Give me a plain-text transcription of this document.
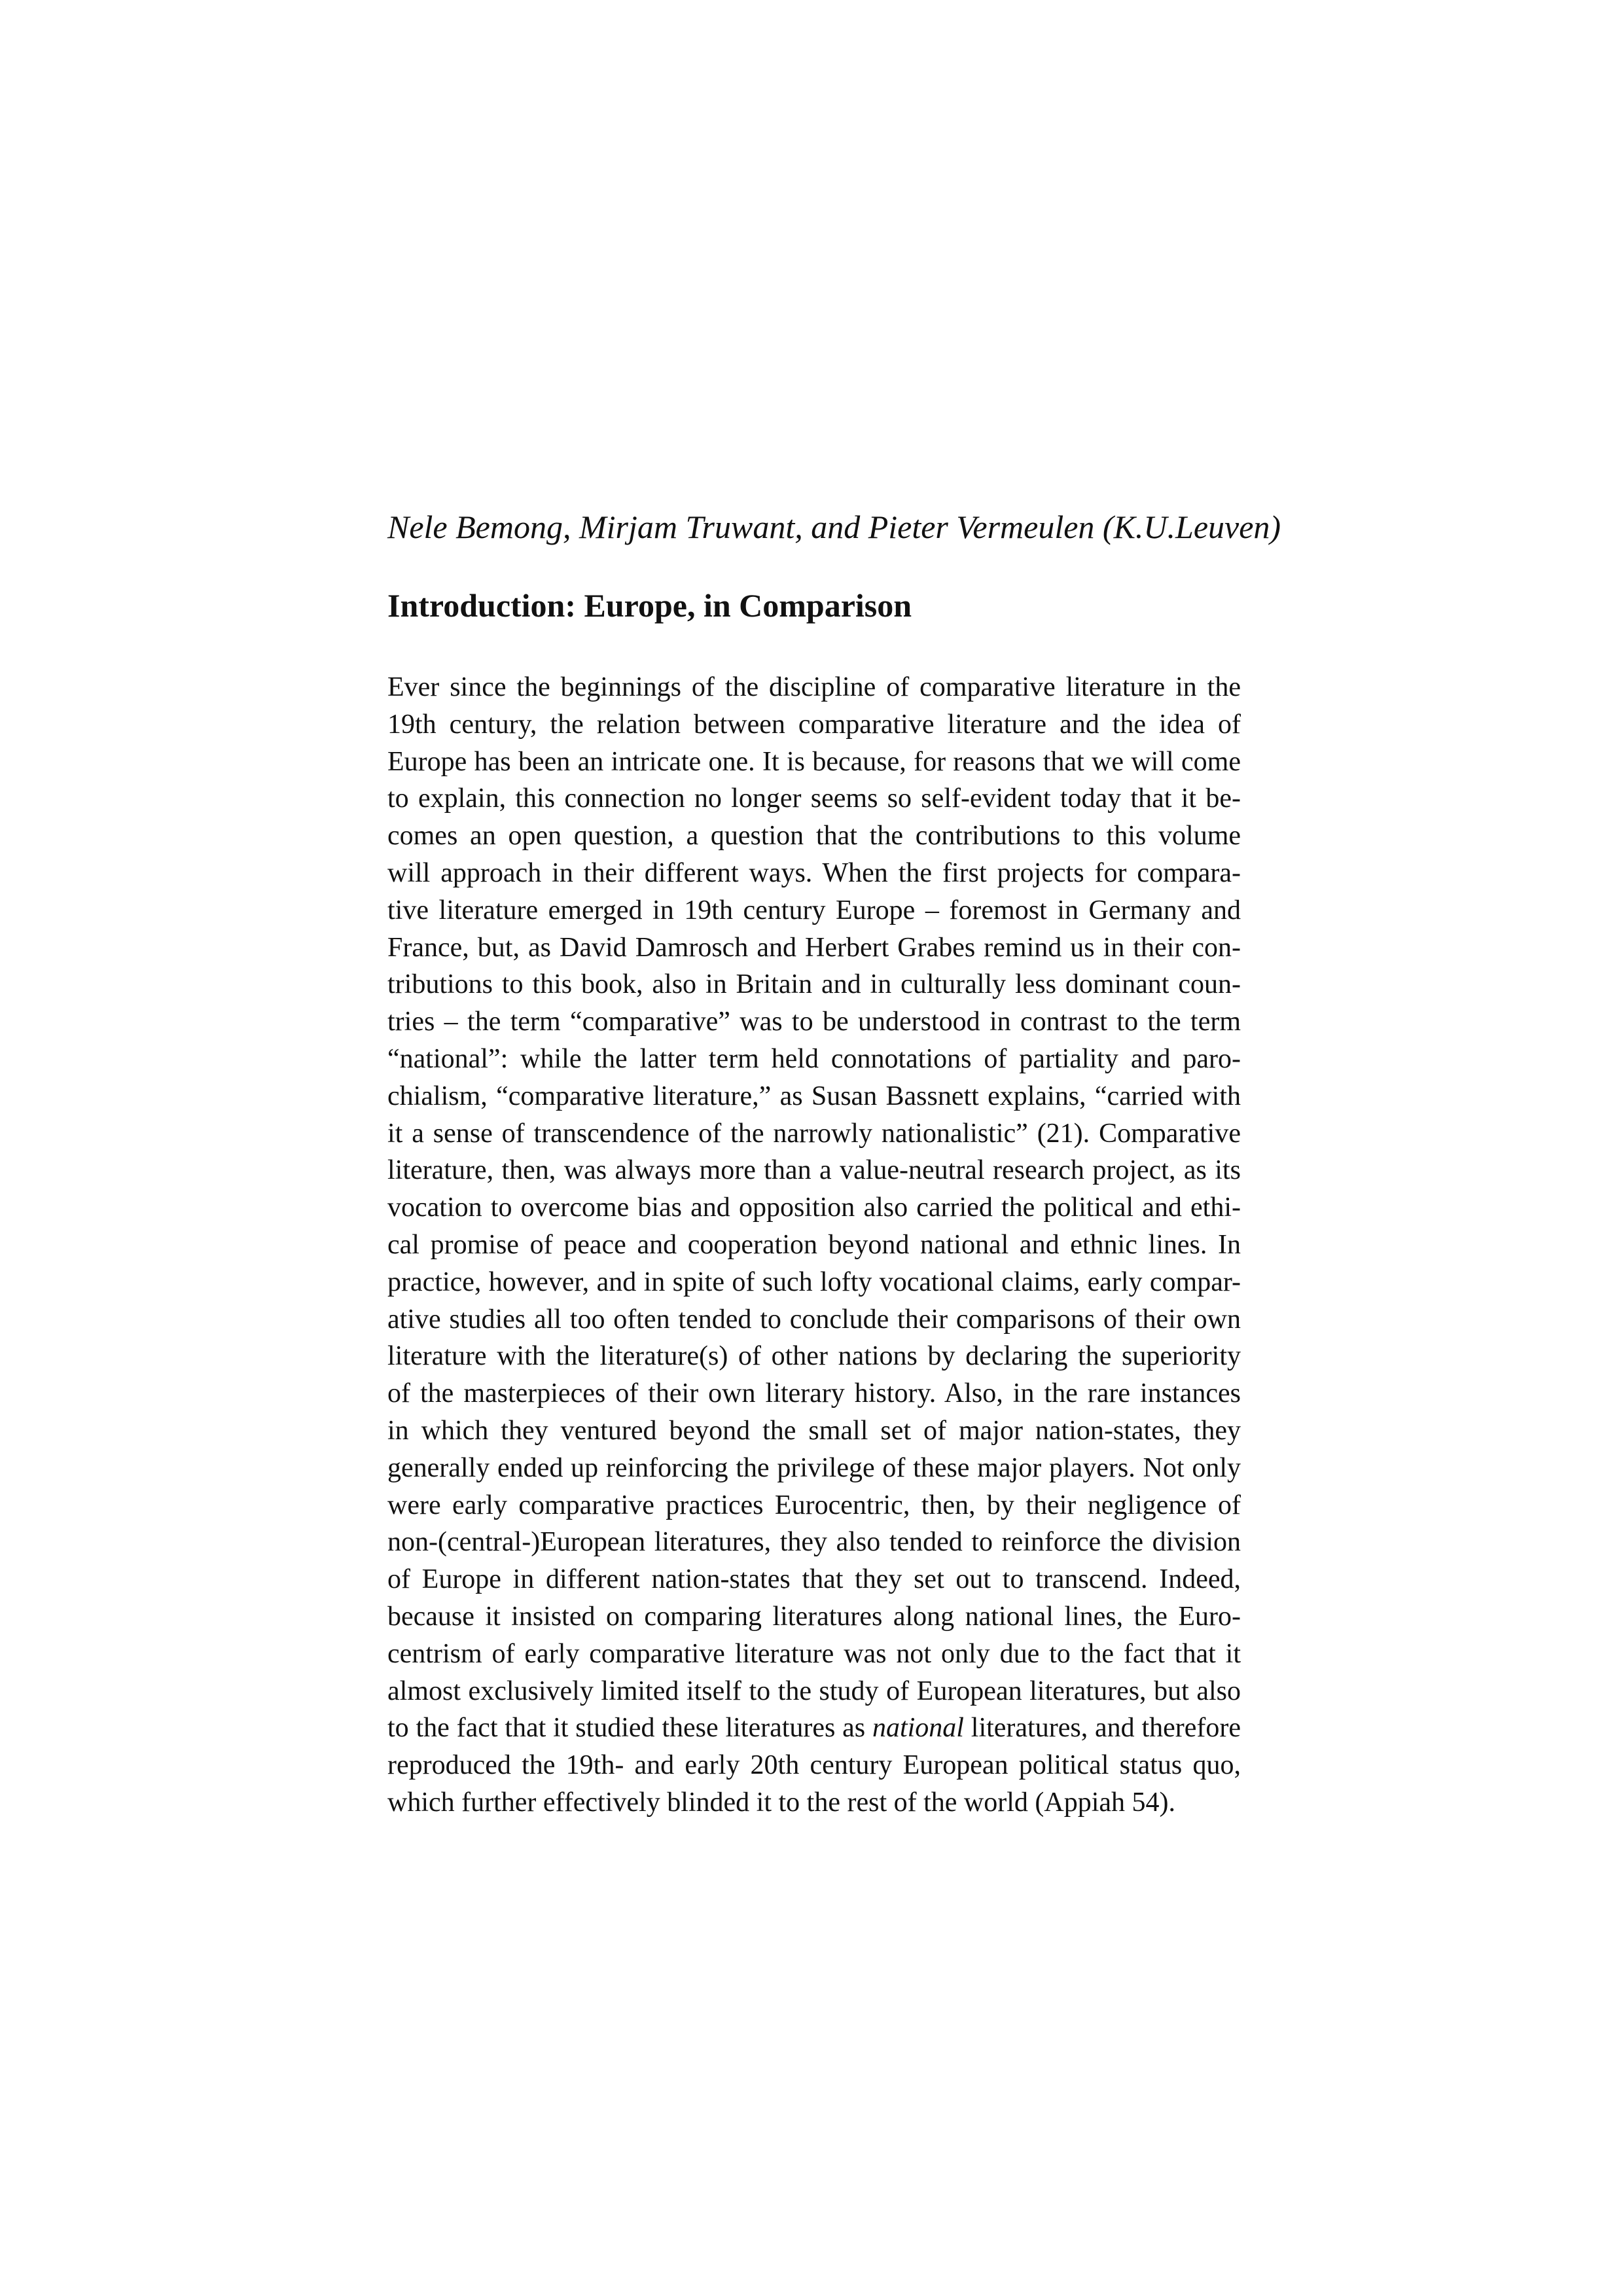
Nele Bemong, Mirjam Truwant, and Pieter Vermeulen (K.U.Leuven)

Introduction: Europe, in Comparison
Ever since the beginnings of the discipline of comparative literature in the
19th century, the relation between comparative literature and the idea of
Europe has been an intricate one. It is because, for reasons that we will come
to explain, this connection no longer seems so self-evident today that it be-
comes an open question, a question that the contributions to this volume
will approach in their different ways. When the first projects for compara-
tive literature emerged in 19th century Europe – foremost in Germany and
France, but, as David Damrosch and Herbert Grabes remind us in their con-
tributions to this book, also in Britain and in culturally less dominant coun-
tries – the term “comparative” was to be understood in contrast to the term
“national”: while the latter term held connotations of partiality and paro-
chialism, “comparative literature,” as Susan Bassnett explains, “carried with
it a sense of transcendence of the narrowly nationalistic” (21). Comparative
literature, then, was always more than a value-neutral research project, as its
vocation to overcome bias and opposition also carried the political and ethi-
cal promise of peace and cooperation beyond national and ethnic lines. In
practice, however, and in spite of such lofty vocational claims, early compar-
ative studies all too often tended to conclude their comparisons of their own
literature with the literature(s) of other nations by declaring the superiority
of the masterpieces of their own literary history. Also, in the rare instances
in which they ventured beyond the small set of major nation-states, they
generally ended up reinforcing the privilege of these major players. Not only
were early comparative practices Eurocentric, then, by their negligence of
non-(central-)European literatures, they also tended to reinforce the division
of Europe in different nation-states that they set out to transcend. Indeed,
because it insisted on comparing literatures along national lines, the Euro-
centrism of early comparative literature was not only due to the fact that it
almost exclusively limited itself to the study of European literatures, but also
to the fact that it studied these literatures as national literatures, and therefore
reproduced the 19th- and early 20th century European political status quo,
which further effectively blinded it to the rest of the world (Appiah 54).
